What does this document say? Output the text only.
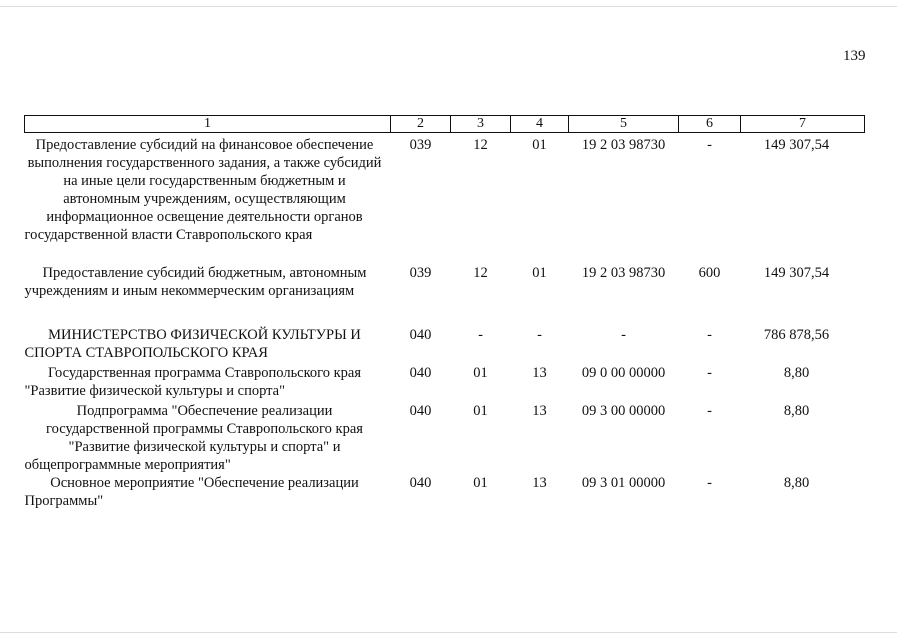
139
1	2	3	4	5	6	7
Предоставление субсидий на финансовое обеспечение выполнения государственного задания, а также субсидий на иные цели государственным бюджетным и автономным учреждениям, осуществляющим информационное освещение деятельности органов государственной власти Ставропольского края	039	12	01	19 2 03 98730	-	149 307,54
Предоставление субсидий бюджетным, автономным учреждениям и иным некоммерческим организациям	039	12	01	19 2 03 98730	600	149 307,54
МИНИСТЕРСТВО ФИЗИЧЕСКОЙ КУЛЬТУРЫ И СПОРТА СТАВРОПОЛЬСКОГО КРАЯ	040	-	-	-	-	786 878,56
Государственная программа Ставропольского края "Развитие физической культуры и спорта"	040	01	13	09 0 00 00000	-	8,80
Подпрограмма "Обеспечение реализации государственной программы Ставропольского края "Развитие физической культуры и спорта" и общепрограммные мероприятия"	040	01	13	09 3 00 00000	-	8,80
Основное мероприятие "Обеспечение реализации Программы"	040	01	13	09 3 01 00000	-	8,80
